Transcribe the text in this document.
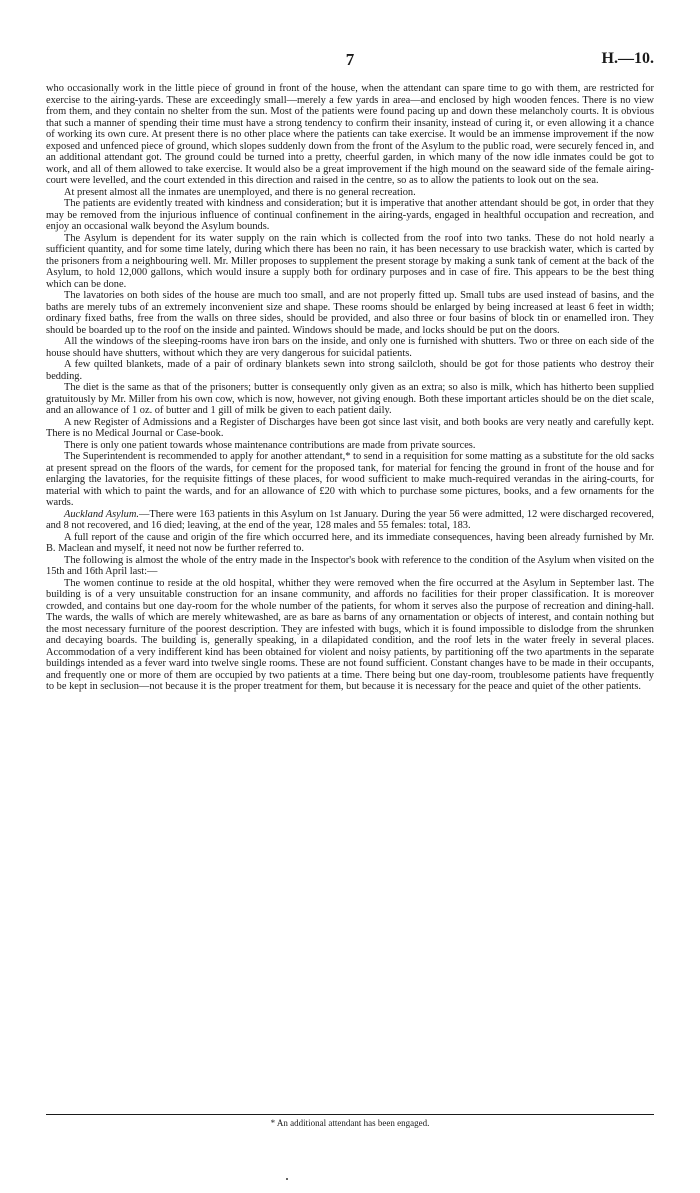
7	H.—10.

who occasionally work in the little piece of ground in front of the house, when the attendant can spare time to go with them, are restricted for exercise to the airing-yards. These are exceedingly small—merely a few yards in area—and enclosed by high wooden fences. There is no view from them, and they contain no shelter from the sun. Most of the patients were found pacing up and down these melancholy courts. It is obvious that such a manner of spending their time must have a strong tendency to confirm their insanity, instead of curing it, or even allowing it a chance of working its own cure. At present there is no other place where the patients can take exercise. It would be an immense improvement if the now exposed and unfenced piece of ground, which slopes suddenly down from the front of the Asylum to the public road, were securely fenced in, and an additional attendant got. The ground could be turned into a pretty, cheerful garden, in which many of the now idle inmates could be got to work, and all of them allowed to take exercise. It would also be a great improvement if the high mound on the seaward side of the female airing-court were levelled, and the court extended in this direction and raised in the centre, so as to allow the patients to look out on the sea.

At present almost all the inmates are unemployed, and there is no general recreation.

The patients are evidently treated with kindness and consideration; but it is imperative that another attendant should be got, in order that they may be removed from the injurious influence of continual confinement in the airing-yards, engaged in healthful occupation and recreation, and enjoy an occasional walk beyond the Asylum bounds.

The Asylum is dependent for its water supply on the rain which is collected from the roof into two tanks. These do not hold nearly a sufficient quantity, and for some time lately, during which there has been no rain, it has been necessary to use brackish water, which is carted by the prisoners from a neighbouring well. Mr. Miller proposes to supplement the present storage by making a sunk tank of cement at the back of the Asylum, to hold 12,000 gallons, which would insure a supply both for ordinary purposes and in case of fire. This appears to be the best thing which can be done.

The lavatories on both sides of the house are much too small, and are not properly fitted up. Small tubs are used instead of basins, and the baths are merely tubs of an extremely inconvenient size and shape. These rooms should be enlarged by being increased at least 6 feet in width; ordinary fixed baths, free from the walls on three sides, should be provided, and also three or four basins of block tin or enamelled iron. They should be boarded up to the roof on the inside and painted. Windows should be made, and locks should be put on the doors.

All the windows of the sleeping-rooms have iron bars on the inside, and only one is furnished with shutters. Two or three on each side of the house should have shutters, without which they are very dangerous for suicidal patients.

A few quilted blankets, made of a pair of ordinary blankets sewn into strong sailcloth, should be got for those patients who destroy their bedding.

The diet is the same as that of the prisoners; butter is consequently only given as an extra; so also is milk, which has hitherto been supplied gratuitously by Mr. Miller from his own cow, which is now, however, not giving enough. Both these important articles should be on the diet scale, and an allowance of 1 oz. of butter and 1 gill of milk be given to each patient daily.

A new Register of Admissions and a Register of Discharges have been got since last visit, and both books are very neatly and carefully kept. There is no Medical Journal or Case-book.

There is only one patient towards whose maintenance contributions are made from private sources.

The Superintendent is recommended to apply for another attendant,* to send in a requisition for some matting as a substitute for the old sacks at present spread on the floors of the wards, for cement for the proposed tank, for material for fencing the ground in front of the house and for enlarging the lavatories, for the requisite fittings of these places, for wood sufficient to make much-required verandas in the airing-courts, for material with which to paint the wards, and for an allowance of £20 with which to purchase some pictures, books, and a few ornaments for the wards.

Auckland Asylum.—There were 163 patients in this Asylum on 1st January. During the year 56 were admitted, 12 were discharged recovered, and 8 not recovered, and 16 died; leaving, at the end of the year, 128 males and 55 females: total, 183.

A full report of the cause and origin of the fire which occurred here, and its immediate consequences, having been already furnished by Mr. B. Maclean and myself, it need not now be further referred to.

The following is almost the whole of the entry made in the Inspector's book with reference to the condition of the Asylum when visited on the 15th and 16th April last:—

The women continue to reside at the old hospital, whither they were removed when the fire occurred at the Asylum in September last. The building is of a very unsuitable construction for an insane community, and affords no facilities for their proper classification. It is moreover crowded, and contains but one day-room for the whole number of the patients, for whom it serves also the purpose of recreation and dining-hall. The wards, the walls of which are merely whitewashed, are as bare as barns of any ornamentation or objects of interest, and contain nothing but the most necessary furniture of the poorest description. They are infested with bugs, which it is found impossible to dislodge from the shrunken and decaying boards. The building is, generally speaking, in a dilapidated condition, and the roof lets in the water freely in several places. Accommodation of a very indifferent kind has been obtained for violent and noisy patients, by partitioning off the two apartments in the separate buildings intended as a fever ward into twelve single rooms. These are not found sufficient. Constant changes have to be made in their occupants, and frequently one or more of them are occupied by two patients at a time. There being but one day-room, troublesome patients have frequently to be kept in seclusion—not because it is the proper treatment for them, but because it is necessary for the peace and quiet of the other patients.

* An additional attendant has been engaged.
